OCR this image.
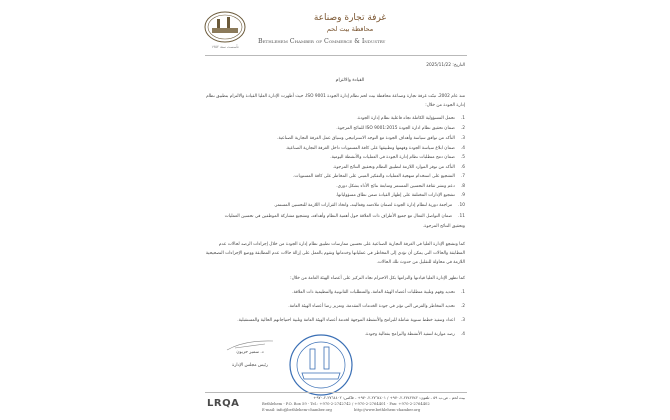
تأسست سنة ١٩٥٢
غرفة تجارة وصناعة
محافظة بيت لحم
Bethlehem Chamber of Commerce & Industry
التاريخ: 2025/11/22
القيادة والالتزام
منذ عام 2002، تبنّت غرفة تجارة وصناعة محافظة بيت لحم نظام إدارة الجودة ISO 9001، حيث أظهرت الإدارة العليا القيادة والالتزام بتطبيق نظام إدارة الجودة من خلال:
1.تحمل المسؤولية الكاملة تجاه فاعلية نظام إدارة الجودة.
2.ضمان تحقيق نظام ادارة الجودة ISO 9001:2015 للنتائج المرجوة.
3.التأكد من توافق سياسة وأهداف الجودة مع التوجه الاستراتيجي وسياق عمل الغرفة التجارية الصناعية.
4.ضمان ابلاغ سياسة الجودة وفهمها وتطبيقها على كافة المستويات داخل الغرفة التجارية الصناعية.
5.ضمان دمج متطلبات نظام إدارة الجودة في العمليات والأنشطة اليومية.
6.التأكد من توفر الموارد اللازمة لتطبيق النظام وتحقيق النتائج المرجوة.
7.التشجيع على استخدام منهجية العمليات والتفكير المبني على المخاطر على كافة المستويات.
8.دعم ونشر ثقافة التحسين المستمر ومتابعة نتائج الأداء بشكل دوري.
9.تشجيع الإدارات المختلفة على إظهار القيادة ضمن نطاق مسؤولياتها.
10.مراجعة دورية لنظام إدارة الجودة لضمان ملاءمته وفعاليته، واتخاذ القرارات اللازمة للتحسين المستمر.
11.ضمان التواصل الفعال مع جميع الأطراف ذات العلاقة حول أهمية النظام وأهدافه، وتشجيع مشاركة الموظفين في تحسين العمليات وتحقيق النتائج المرجوة.
كما وتشجع الإدارة العليا في الغرفة التجارية الصناعية على تحسين ممارسات تطبيق نظام إدارة الجودة من خلال إجراءات الرصد لحالات عدم المطابقة والحالات التي يمكن أن تؤدي إلى المخاطر في عملياتها وخدماتها وتقوم بالعمل على إزالة حالات عدم المطابقة ووضع الإجراءات التصحيحية اللازمة في محاولة للتقليل من حدوث تلك الحالات.
كما تظهر الإدارة العليا قيادتها والتزامها بكل الاحترام تجاه التركيز على أعضاء الهيئة العامة من خلال:
1.تحديد وفهم وتلبية متطلبات أعضاء الهيئة العامة، والمتطلبات القانونية والتنظيمية ذات العلاقة.
2.تحديد المخاطر والفرص التي تؤثر في جودة الخدمات المقدمة، وتعزيز رضا أعضاء الهيئة العامة.
3.اعداد وتنفيذ خطط سنوية شاملة للبرامج والأنشطة الموجهة لخدمة أعضاء الهيئة العامة وتلبية احتياجاتهم الحالية والمستقبلية.
4.رصد موازنة لتنفيذ الأنشطة والبرامج بفعالية وجودة.
د. سمير حزبون
رئيس مجلس الإدارة
LRQA
بيت لحم - ص.ب ٥٩ - تلفون: ٢٧٤٢٧٤٢-٢-٩٧٠+ / ٢٧٦٤٤٠١-٢-٩٧٠+ - فاكس: ٢٧٦٤٤٠٢-٢-٩٧٠+
Bethlehem - P.O. Box 59 - Tel.: +970-2-2742742 / +970-2-2764401 - Fax: +970-2-2764402
E-mail: info@bethlehem-chamber.org	http://www.bethlehem-chamber.org
